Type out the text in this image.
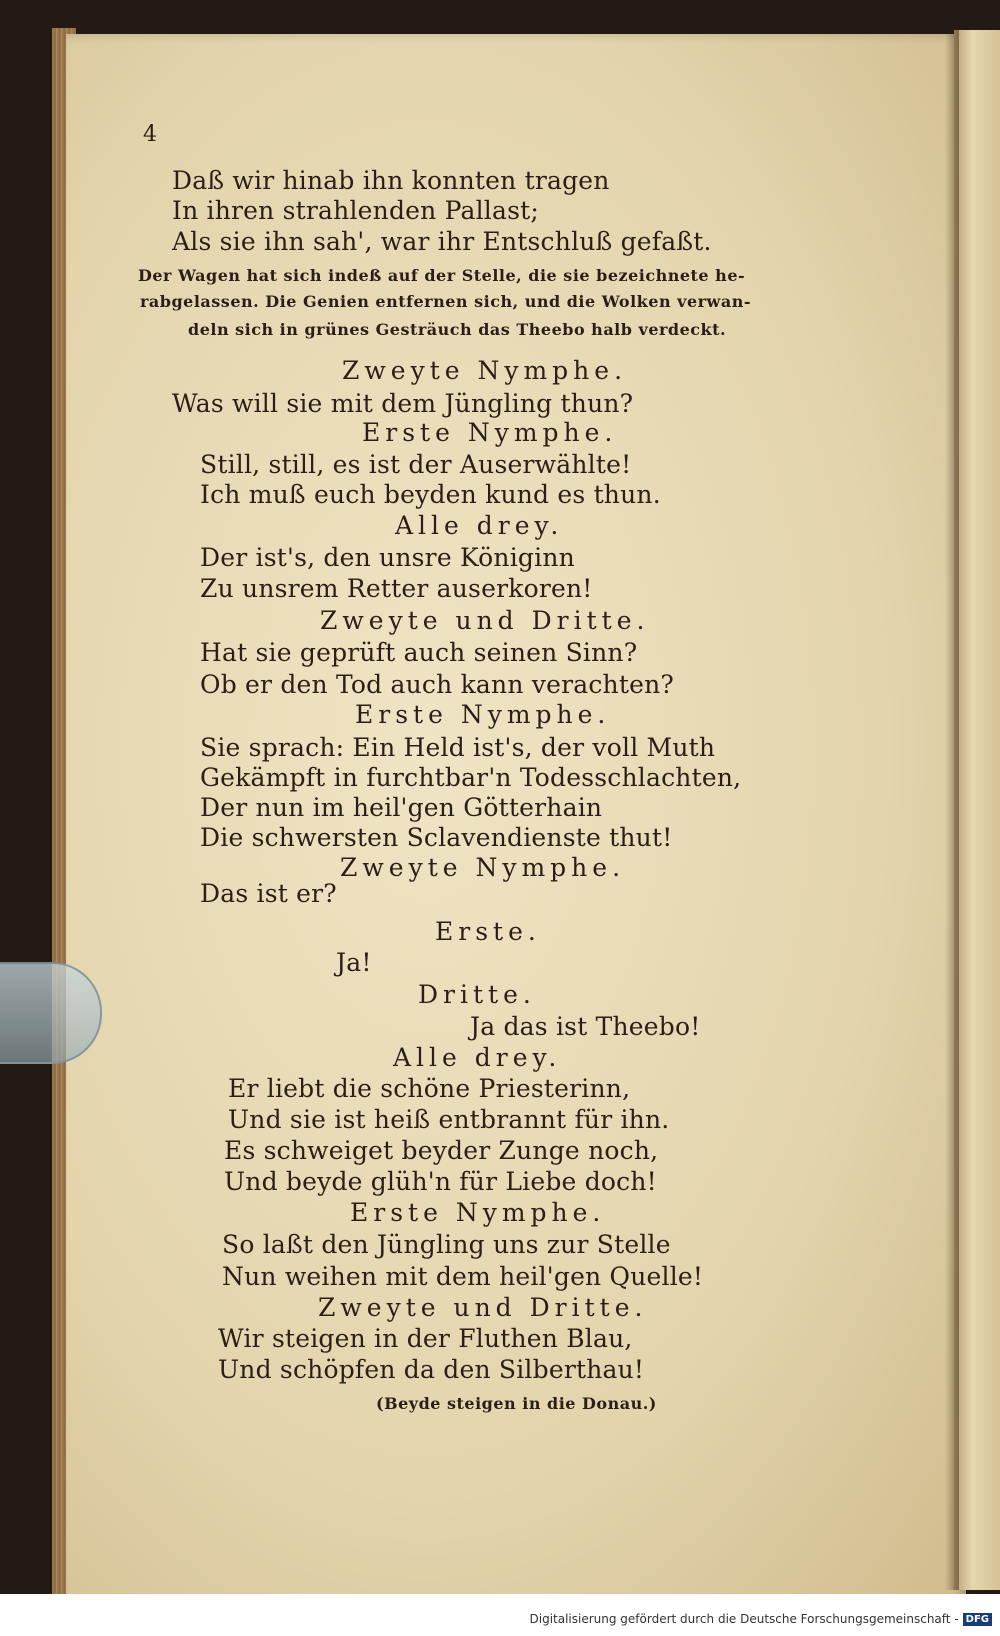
4
Daß wir hinab ihn konnten tragen
In ihren strahlenden Pallast;
Als sie ihn sah', war ihr Entschluß gefaßt.
Der Wagen hat sich indeß auf der Stelle, die sie bezeichnete he-
rabgelassen. Die Genien entfernen sich, und die Wolken verwan-
deln sich in grünes Gesträuch das Theebo halb verdeckt.
Zweyte Nymphe.
Was will sie mit dem Jüngling thun?
Erste Nymphe.
Still, still, es ist der Auserwählte!
Ich muß euch beyden kund es thun.
Alle drey.
Der ist's, den unsre Königinn
Zu unsrem Retter auserkoren!
Zweyte und Dritte.
Hat sie geprüft auch seinen Sinn?
Ob er den Tod auch kann verachten?
Erste Nymphe.
Sie sprach: Ein Held ist's, der voll Muth
Gekämpft in furchtbar'n Todesschlachten,
Der nun im heil'gen Götterhain
Die schwersten Sclavendienste thut!
Zweyte Nymphe.
Das ist er?
Erste.
Ja!
Dritte.
Ja das ist Theebo!
Alle drey.
Er liebt die schöne Priesterinn,
Und sie ist heiß entbrannt für ihn.
Es schweiget beyder Zunge noch,
Und beyde glüh'n für Liebe doch!
Erste Nymphe.
So laßt den Jüngling uns zur Stelle
Nun weihen mit dem heil'gen Quelle!
Zweyte und Dritte.
Wir steigen in der Fluthen Blau,
Und schöpfen da den Silberthau!
(Beyde steigen in die Donau.)
Digitalisierung gefördert durch die Deutsche Forschungsgemeinschaft - DFG
